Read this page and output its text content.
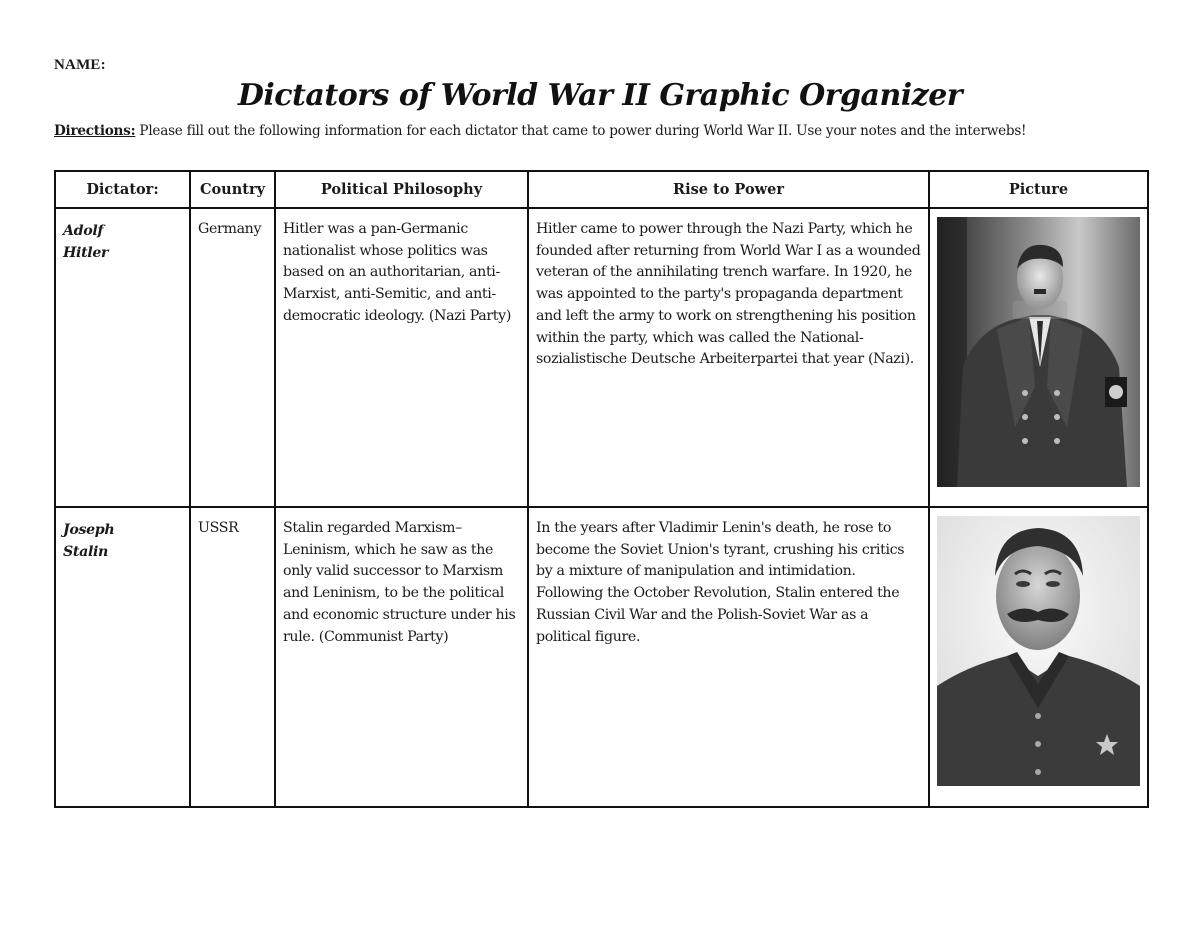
NAME:
Dictators of World War II Graphic Organizer
Directions: Please fill out the following information for each dictator that came to power during World War II. Use your notes and the interwebs!
Dictator:	Country	Political Philosophy	Rise to Power	Picture

Adolf
Hitler	Germany	Hitler was a pan-Germanic nationalist whose politics was based on an authoritarian, anti-Marxist, anti-Semitic, and anti-democratic ideology. (Nazi Party)	Hitler came to power through the Nazi Party, which he founded after returning from World War I as a wounded veteran of the annihilating trench warfare. In 1920, he was appointed to the party's propaganda department and left the army to work on strengthening his position within the party, which was called the National-sozialistische Deutsche Arbeiterpartei that year (Nazi).	

Joseph
Stalin	USSR	Stalin regarded Marxism–Leninism, which he saw as the only valid successor to Marxism and Leninism, to be the political and economic structure under his rule. (Communist Party)	In the years after Vladimir Lenin's death, he rose to become the Soviet Union's tyrant, crushing his critics by a mixture of manipulation and intimidation. Following the October Revolution, Stalin entered the Russian Civil War and the Polish-Soviet War as a political figure.	
